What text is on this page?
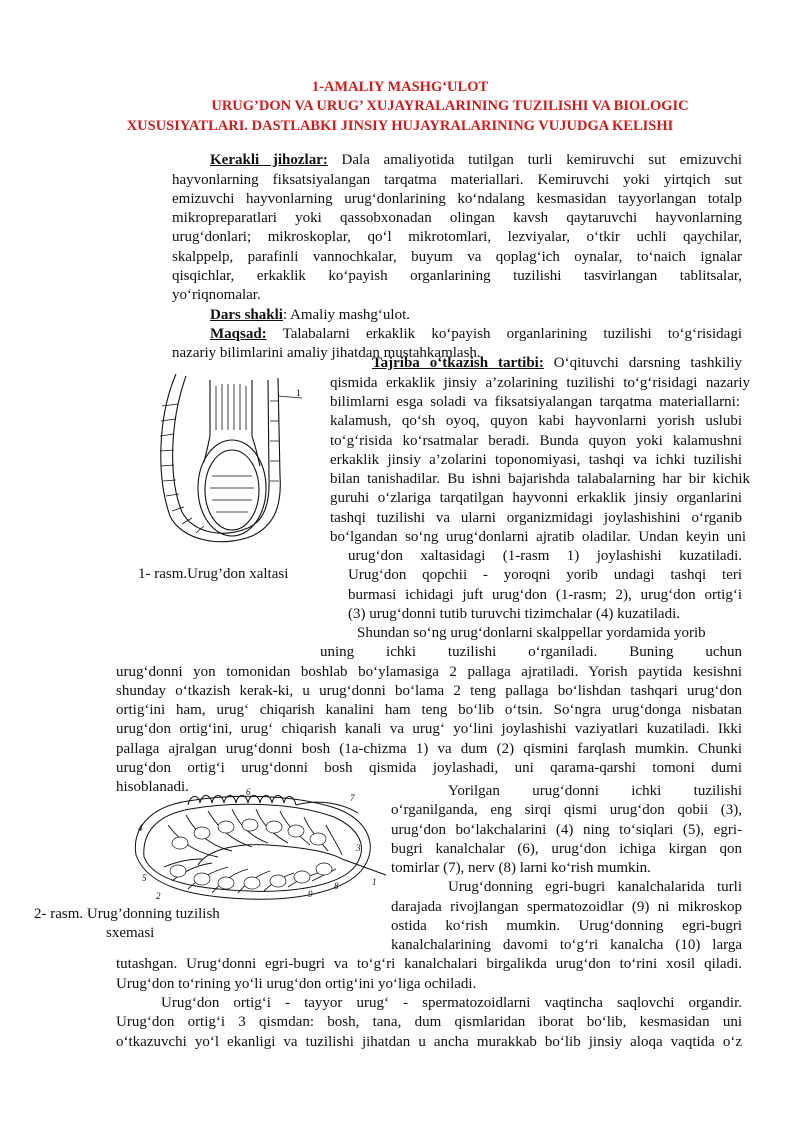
1-AMALIY MASHG‘ULOT
URUG’DON VA URUG’ XUJAYRALARINING TUZILISHI VA BIOLOGIC
XUSUSIYATLARI. DASTLABKI JINSIY HUJAYRALARINING VUJUDGA KELISHI
Kerakli jihozlar: Dala amaliyotida tutilgan turli kemiruvchi sut emizuvchi
hayvonlarning fiksatsiyalangan tarqatma materiallari. Kemiruvchi yoki yirtqich sut
emizuvchi hayvonlarning urug‘donlarining ko‘ndalang kesmasidan tayyorlangan totalp
mikropreparatlari yoki qassobxonadan olingan kavsh qaytaruvchi hayvonlarning
urug‘donlari; mikroskoplar, qo‘l mikrotomlari, lezviyalar, o‘tkir uchli qaychilar,
skalppelp, parafinli vannochkalar, buyum va qoplag‘ich oynalar, to‘naich ignalar
qisqichlar, erkaklik ko‘payish organlarining tuzilishi tasvirlangan tablitsalar,
yo‘riqnomalar.
Dars shakli: Amaliy mashg‘ulot.
Maqsad: Talabalarni erkaklik ko‘payish organlarining tuzilishi to‘g‘risidagi
nazariy bilimlarini amaliy jihatdan mustahkamlash.
1
1- rasm.Urug’don xaltasi
Tajriba o‘tkazish tartibi: O‘qituvchi darsning tashkiliy
qismida erkaklik jinsiy a’zolarining tuzilishi to‘g‘risidagi nazariy
bilimlarni esga soladi va fiksatsiyalangan tarqatma materiallarni:
kalamush, qo‘sh oyoq, quyon kabi hayvonlarni yorish uslubi
to‘g‘risida ko‘rsatmalar beradi. Bunda quyon yoki kalamushni
erkaklik jinsiy a’zolarini toponomiyasi, tashqi va ichki tuzilishi
bilan tanishadilar. Bu ishni bajarishda talabalarning har bir kichik
guruhi o‘zlariga tarqatilgan hayvonni erkaklik jinsiy organlarini
tashqi tuzilishi va ularni organizmidagi joylashishini o‘rganib
bo‘lgandan so‘ng urug‘donlarni ajratib oladilar. Undan keyin uni
urug‘don xaltasidagi (1-rasm 1) joylashishi kuzatiladi.
Urug‘don qopchii - yoroqni yorib undagi tashqi teri
burmasi ichidagi juft urug‘don (1-rasm; 2), urug‘don ortig‘i
(3) urug‘donni tutib turuvchi tizimchalar (4) kuzatiladi.
Shundan so‘ng urug‘donlarni skalppellar yordamida yorib
uning ichki tuzilishi o‘rganiladi. Buning uchun
urug‘donni yon tomonidan boshlab bo‘ylamasiga 2 pallaga ajratiladi. Yorish paytida kesishni
shunday o‘tkazish kerak-ki, u urug‘donni bo‘lama 2 teng pallaga bo‘lishdan tashqari urug‘don
ortig‘ini ham, urug‘ chiqarish kanalini ham teng bo‘lib o‘tsin. So‘ngra urug‘donga nisbatan
urug‘don ortig‘ini, urug‘ chiqarish kanali va urug‘ yo‘lini joylashishi vaziyatlari kuzatiladi. Ikki
pallaga ajralgan urug‘donni bosh (1a-chizma 1) va dum (2) qismini farqlash mumkin. Chunki
urug‘don ortig‘i urug‘donni bosh qismida joylashadi, uni qarama-qarshi tomoni dumi
hisoblanadi.	6
7
4
5
3
1
2
8
9
2- rasm. Urug’donning tuzilish
sxemasi
Yorilgan urug‘donni ichki tuzilishi
o‘rganilganda, eng sirqi qismi urug‘don qobii (3),
urug‘don bo‘lakchalarini (4) ning to‘siqlari (5), egri-
bugri kanalchalar (6), urug‘don ichiga kirgan qon
tomirlar (7), nerv (8) larni ko‘rish mumkin.
Urug‘donning egri-bugri kanalchalarida turli
darajada rivojlangan spermatozoidlar (9) ni mikroskop
ostida ko‘rish mumkin. Urug‘donning egri-bugri
kanalchalarining davomi to‘g‘ri kanalcha (10) larga
tutashgan. Urug‘donni egri-bugri va to‘g‘ri kanalchalari birgalikda urug‘don to‘rini xosil qiladi.
Urug‘don to‘rining yo‘li urug‘don ortig‘ini yo‘liga ochiladi.
Urug‘don ortig‘i - tayyor urug‘ - spermatozoidlarni vaqtincha saqlovchi organdir.
Urug‘don ortig‘i 3 qismdan: bosh, tana, dum qismlaridan iborat bo‘lib, kesmasidan uni
o‘tkazuvchi yo‘l ekanligi va tuzilishi jihatdan u ancha murakkab bo‘lib jinsiy aloqa vaqtida o‘z
